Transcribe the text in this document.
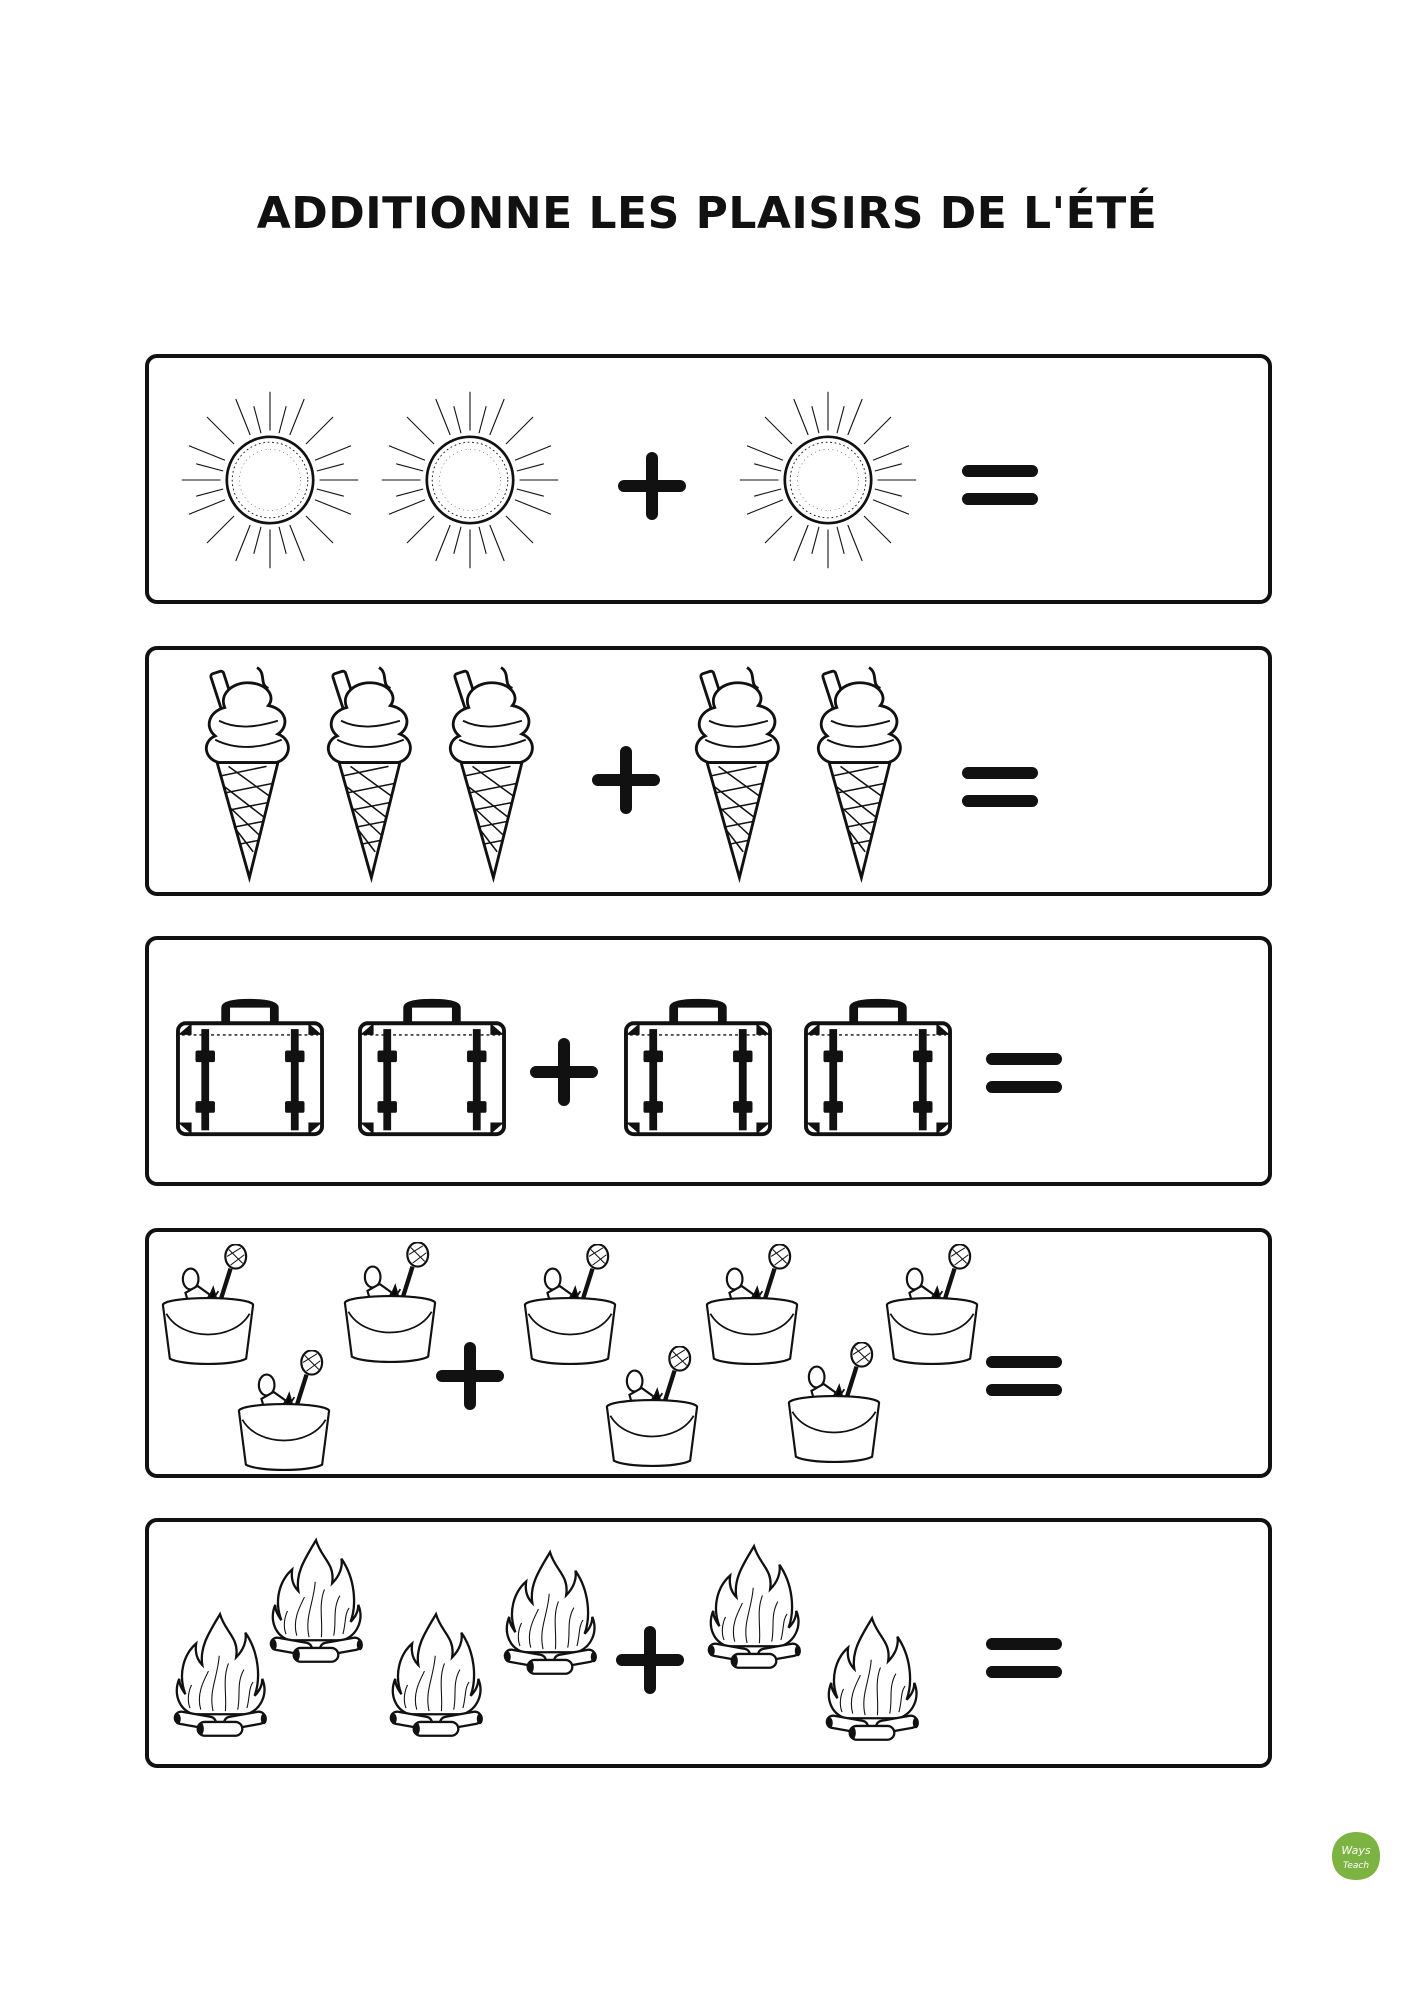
ADDITIONNE LES PLAISIRS DE L'ÉTÉ
Ways
Teach
